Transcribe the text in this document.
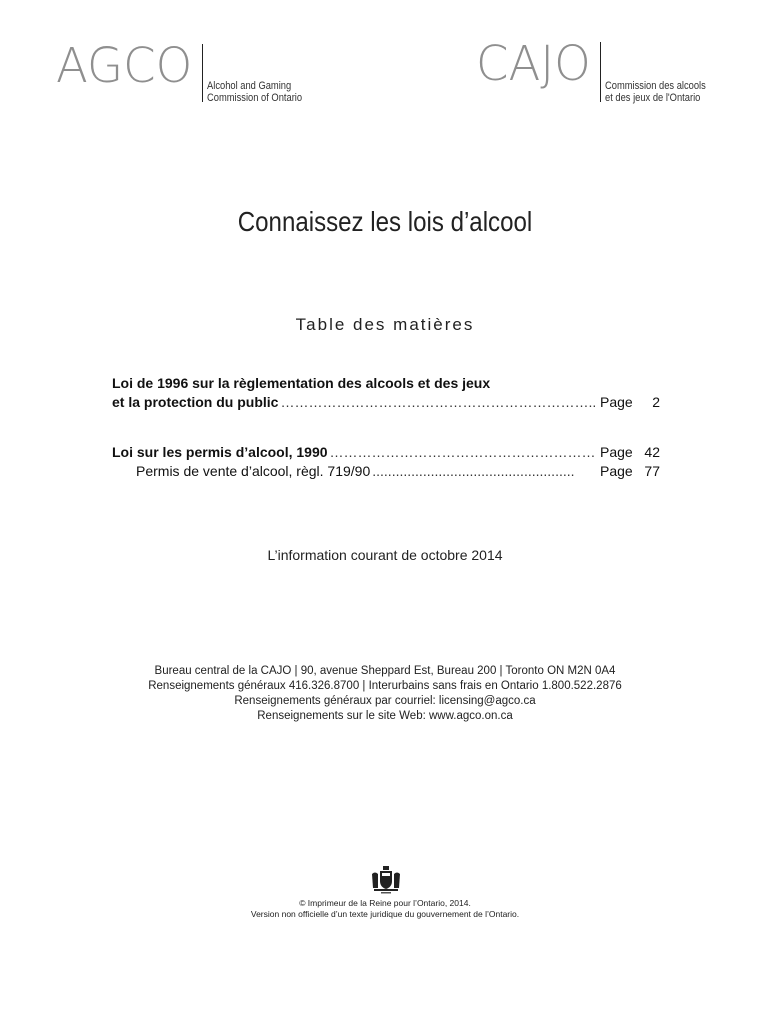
AGCO Alcohol and Gaming
Commission of Ontario
CAJO Commission des alcools
et des jeux de l'Ontario
Connaissez les lois d’alcool
Table des matières
Loi de 1996 sur la règlementation des alcools et des jeux
et la protection du public ………………………………………………………….. Page 2
Loi sur les permis d’alcool, 1990 ………………………………………………… Page 42
Permis de vente d’alcool, règl. 719/90 ....................................................	Page 77
L’information courant de octobre 2014
Bureau central de la CAJO | 90, avenue Sheppard Est, Bureau 200 | Toronto ON M2N 0A4
Renseignements généraux 416.326.8700 | Interurbains sans frais en Ontario 1.800.522.2876
Renseignements généraux par courriel: licensing@agco.ca
Renseignements sur le site Web: www.agco.on.ca
© Imprimeur de la Reine pour l’Ontario, 2014.
Version non officielle d’un texte juridique du gouvernement de l’Ontario.
